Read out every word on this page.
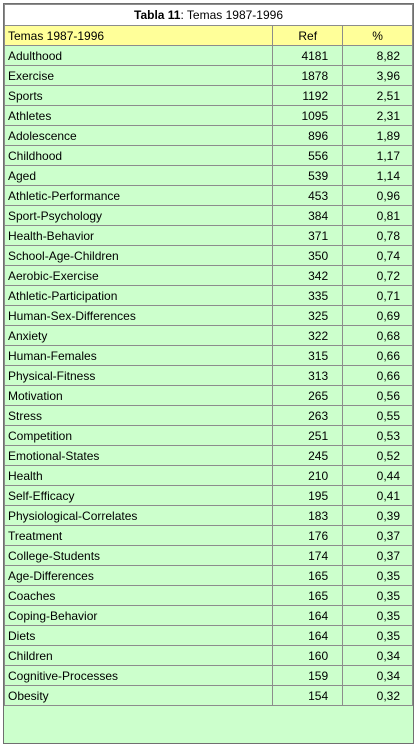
Tabla 11: Temas 1987-1996		
Temas 1987-1996	Ref	%
Adulthood	4181	8,82
Exercise	1878	3,96
Sports	1192	2,51
Athletes	1095	2,31
Adolescence	896	1,89
Childhood	556	1,17
Aged	539	1,14
Athletic-Performance	453	0,96
Sport-Psychology	384	0,81
Health-Behavior	371	0,78
School-Age-Children	350	0,74
Aerobic-Exercise	342	0,72
Athletic-Participation	335	0,71
Human-Sex-Differences	325	0,69
Anxiety	322	0,68
Human-Females	315	0,66
Physical-Fitness	313	0,66
Motivation	265	0,56
Stress	263	0,55
Competition	251	0,53
Emotional-States	245	0,52
Health	210	0,44
Self-Efficacy	195	0,41
Physiological-Correlates	183	0,39
Treatment	176	0,37
College-Students	174	0,37
Age-Differences	165	0,35
Coaches	165	0,35
Coping-Behavior	164	0,35
Diets	164	0,35
Children	160	0,34
Cognitive-Processes	159	0,34
Obesity	154	0,32
